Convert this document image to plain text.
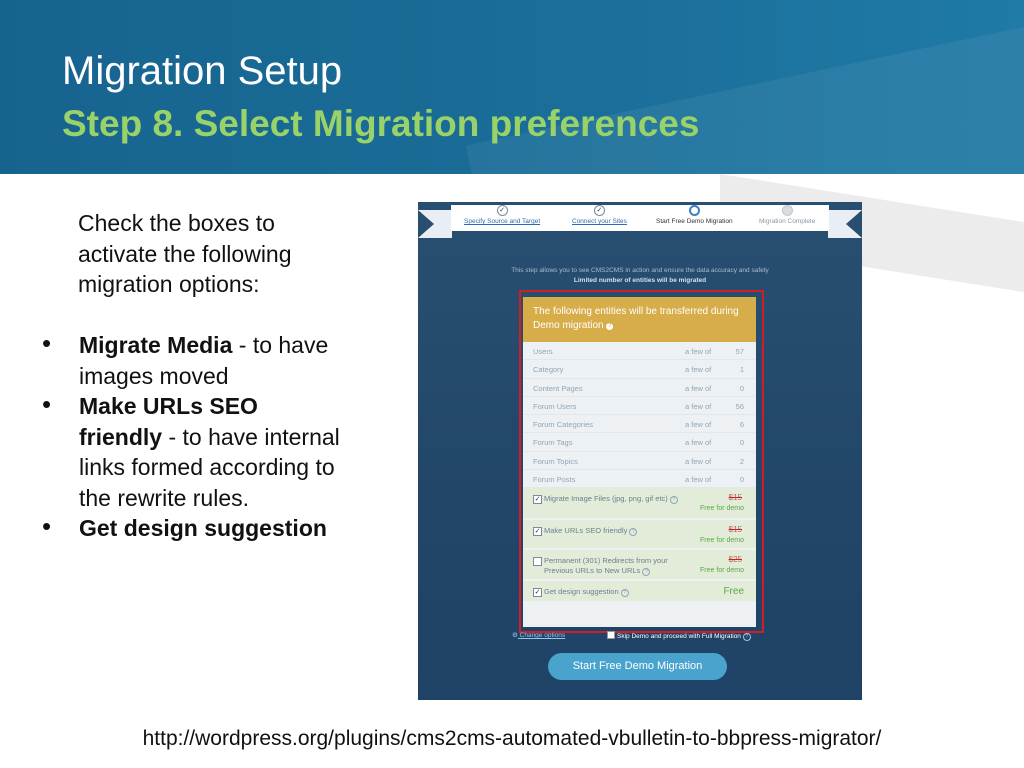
Migration Setup
Step 8. Select Migration preferences
Check the boxes to activate the following migration options:
• Migrate Media - to have images moved
• Make URLs SEO friendly - to have internal links formed according to the rewrite rules.
• Get design suggestion
✓
Specify Source and Target
✓
Connect your Sites	Start Free Demo Migration	Migration Complete
This step allows you to see CMS2CMS in action and ensure the data accuracy and safety
Limited number of entities will be migrated
The following entities will be transferred during Demo migration ?
Users	a few of	57
Category	a few of	1
Content Pages	a few of	0
Forum Users	a few of	56
Forum Categories	a few of	6
Forum Tags	a few of	0
Forum Topics	a few of	2
Forum Posts	a few of	0
✓ Migrate Image Files (jpg, png, gif etc) ?	$15
Free for demo
✓ Make URLs SEO friendly ?	$15
Free for demo
Permanent (301) Redirects from your Previous URLs to New URLs ?
$25
Free for demo
✓ Get design suggestion ?	Free
⚙ Change options	Skip Demo and proceed with Full Migration ?
Start Free Demo Migration
http://wordpress.org/plugins/cms2cms-automated-vbulletin-to-bbpress-migrator/
